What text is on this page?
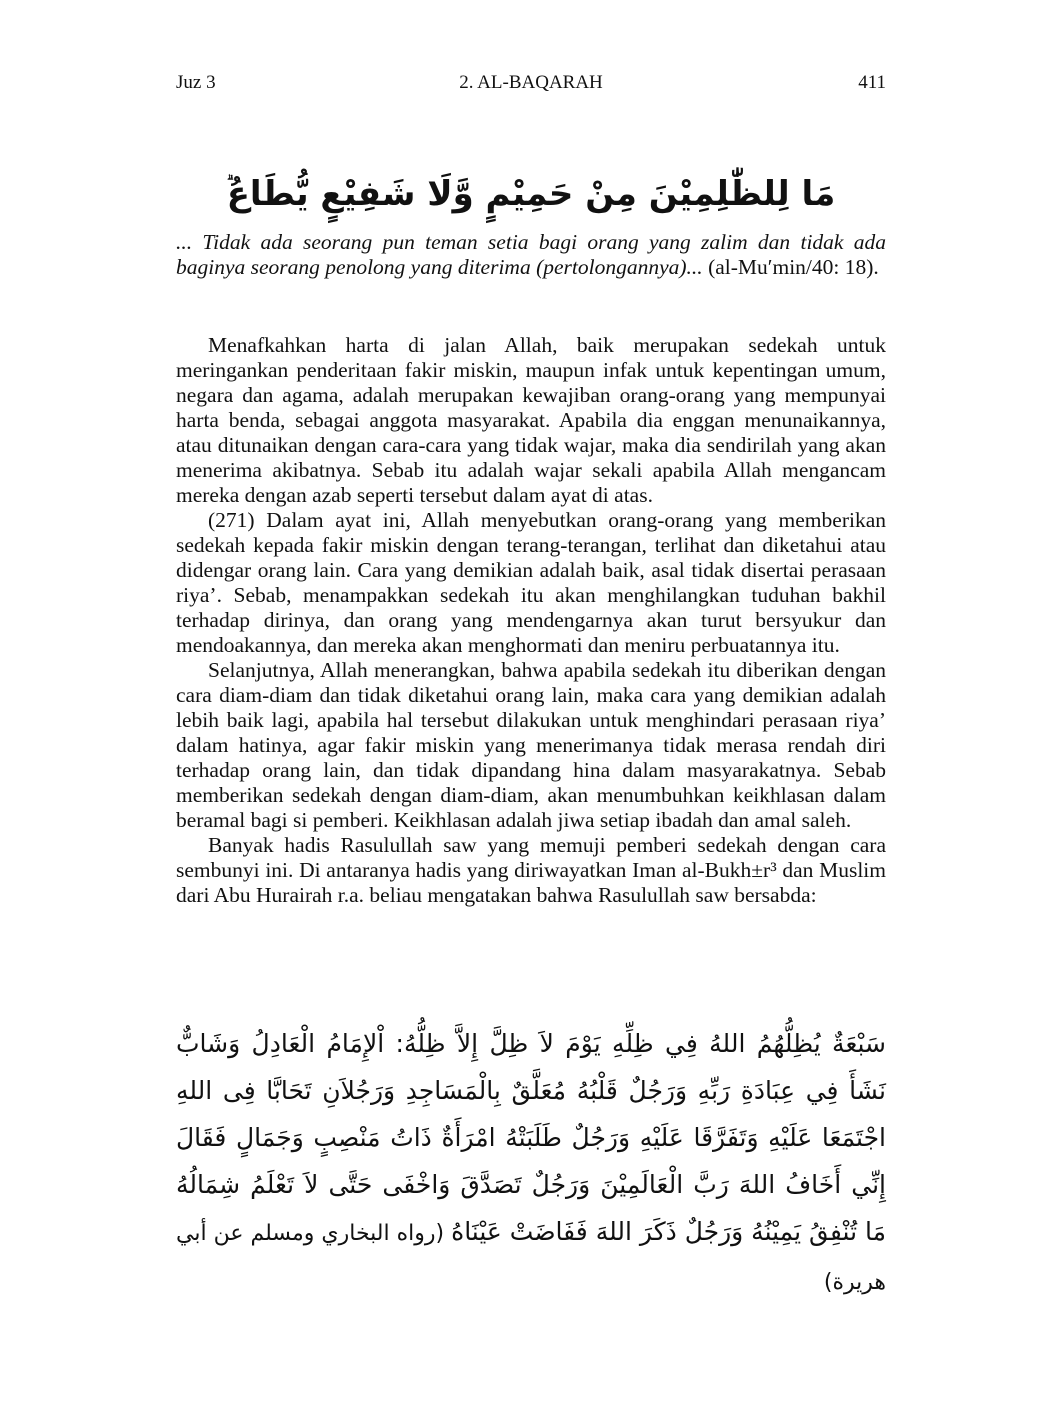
Juz 3	2. AL-BAQARAH	411
مَا لِلظّٰلِمِيْنَ مِنْ حَمِيْمٍ وَّلَا شَفِيْعٍ يُّطَاعُ
... Tidak ada seorang pun teman setia bagi orang yang zalim dan tidak ada baginya seorang penolong yang diterima (pertolongannya)... (al-Mu′min/40: 18).

Menafkahkan harta di jalan Allah, baik merupakan sedekah untuk meringankan penderitaan fakir miskin, maupun infak untuk kepentingan umum, negara dan agama, adalah merupakan kewajiban orang-orang yang mempunyai harta benda, sebagai anggota masyarakat. Apabila dia enggan menunaikannya, atau ditunaikan dengan cara-cara yang tidak wajar, maka dia sendirilah yang akan menerima akibatnya. Sebab itu adalah wajar sekali apabila Allah mengancam mereka dengan azab seperti tersebut dalam ayat di atas.

(271) Dalam ayat ini, Allah menyebutkan orang-orang yang memberikan sedekah kepada fakir miskin dengan terang-terangan, terlihat dan diketahui atau didengar orang lain. Cara yang demikian adalah baik, asal tidak disertai perasaan riya’. Sebab, menampakkan sedekah itu akan menghilangkan tuduhan bakhil terhadap dirinya, dan orang yang mendengarnya akan turut bersyukur dan mendoakannya, dan mereka akan menghormati dan meniru perbuatannya itu.

Selanjutnya, Allah menerangkan, bahwa apabila sedekah itu diberikan dengan cara diam-diam dan tidak diketahui orang lain, maka cara yang demikian adalah lebih baik lagi, apabila hal tersebut dilakukan untuk menghindari perasaan riya’ dalam hatinya, agar fakir miskin yang menerimanya tidak merasa rendah diri terhadap orang lain, dan tidak dipandang hina dalam masyarakatnya. Sebab memberikan sedekah dengan diam-diam, akan menumbuhkan keikhlasan dalam beramal bagi si pemberi. Keikhlasan adalah jiwa setiap ibadah dan amal saleh.

Banyak hadis Rasulullah saw yang memuji pemberi sedekah dengan cara sembunyi ini. Di antaranya hadis yang diriwayatkan Iman al-Bukh±r³ dan Muslim dari Abu Hurairah r.a. beliau mengatakan bahwa Rasulullah saw bersabda:

سَبْعَةٌ يُظِلُّهُمُ اللهُ فِي ظِلِّهِ يَوْمَ لاَ ظِلَّ إِلاَّ ظِلُّهُ: اْلإِمَامُ الْعَادِلُ وَشَابٌّ نَشَأَ فِي عِبَادَةِ رَبِّهِ وَرَجُلٌ قَلْبُهُ مُعَلَّقٌ بِالْمَسَاجِدِ وَرَجُلاَنِ تَحَابَّا فِى اللهِ اجْتَمَعَا عَلَيْهِ وَتَفَرَّقَا عَلَيْهِ وَرَجُلٌ طَلَبَتْهُ امْرَأَةٌ ذَاتُ مَنْصِبٍ وَجَمَالٍ فَقَالَ إِنِّي أَخَافُ اللهَ رَبَّ الْعَالَمِيْنَ وَرَجُلٌ تَصَدَّقَ وَاخْفَى حَتَّى لاَ تَعْلَمُ شِمَالُهُ مَا تُنْفِقُ يَمِيْنُهُ وَرَجُلٌ ذَكَرَ اللهَ فَفَاضَتْ عَيْنَاهُ (رواه البخاري ومسلم عن أبي هريرة)
